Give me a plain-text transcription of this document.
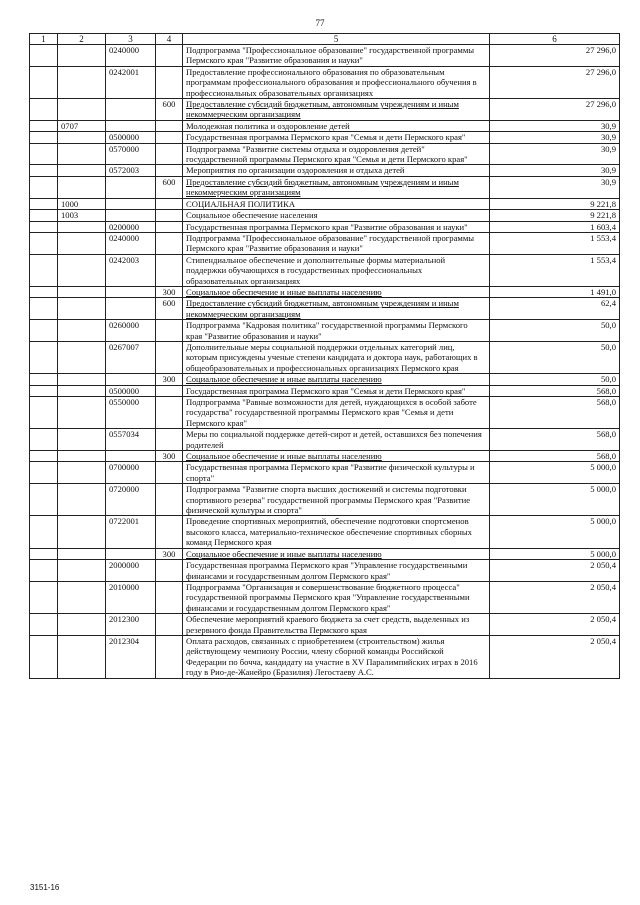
77
1	2	3	4	5	6
		0240000		Подпрограмма "Профессиональное образование" государственной программы Пермского края "Развитие образования и науки"	27 296,0
		0242001		Предоставление профессионального образования по образовательным программам профессионального образования и профессионального обучения в профессиональных образовательных организациях	27 296,0
			600	Предоставление субсидий бюджетным, автономным учреждениям и иным некоммерческим организациям	27 296,0
	0707			Молодежная политика и оздоровление детей	30,9
		0500000		Государственная программа Пермского края "Семья и дети Пермского края"	30,9
		0570000		Подпрограмма "Развитие системы отдыха и оздоровления детей" государственной программы Пермского края "Семья и дети Пермского края"	30,9
		0572003		Мероприятия по организации оздоровления и отдыха детей	30,9
			600	Предоставление субсидий бюджетным, автономным учреждениям и иным некоммерческим организациям	30,9
	1000			СОЦИАЛЬНАЯ ПОЛИТИКА	9 221,8
	1003			Социальное обеспечение населения	9 221,8
		0200000		Государственная программа Пермского края "Развитие образования и науки"	1 603,4
		0240000		Подпрограмма "Профессиональное образование" государственной программы Пермского края "Развитие образования и науки"	1 553,4
		0242003		Стипендиальное обеспечение и дополнительные формы материальной поддержки обучающихся в государственных профессиональных образовательных организациях	1 553,4
			300	Социальное обеспечение и иные выплаты населению	1 491,0
			600	Предоставление субсидий бюджетным, автономным учреждениям и иным некоммерческим организациям	62,4
		0260000		Подпрограмма "Кадровая политика" государственной программы Пермского края "Развитие образования и науки"	50,0
		0267007		Дополнительные меры социальной поддержки отдельных категорий лиц, которым присуждены ученые степени кандидата и доктора наук, работающих в общеобразовательных и профессиональных организациях Пермского края	50,0
			300	Социальное обеспечение и иные выплаты населению	50,0
		0500000		Государственная программа Пермского края "Семья и дети Пермского края"	568,0
		0550000		Подпрограмма "Равные возможности для детей, нуждающихся в особой заботе государства" государственной программы Пермского края "Семья и дети Пермского края"	568,0
		0557034		Меры по социальной поддержке детей-сирот и детей, оставшихся без попечения родителей	568,0
			300	Социальное обеспечение и иные выплаты населению	568,0
		0700000		Государственная программа Пермского края "Развитие физической культуры и спорта"	5 000,0
		0720000		Подпрограмма "Развитие спорта высших достижений и системы подготовки спортивного резерва" государственной программы Пермского края "Развитие физической культуры и спорта"	5 000,0
		0722001		Проведение спортивных мероприятий, обеспечение подготовки спортсменов высокого класса, материально-техническое обеспечение спортивных сборных команд Пермского края	5 000,0
			300	Социальное обеспечение и иные выплаты населению	5 000,0
		2000000		Государственная программа Пермского края "Управление государственными финансами и государственным долгом Пермского края"	2 050,4
		2010000		Подпрограмма "Организация и совершенствование бюджетного процесса" государственной программы Пермского края "Управление государственными финансами и государственным долгом Пермского края"	2 050,4
		2012300		Обеспечение мероприятий краевого бюджета за счет средств, выделенных из резервного фонда Правительства Пермского края	2 050,4
		2012304		Оплата расходов, связанных с приобретением (строительством) жилья действующему чемпиону России, члену сборной команды Российской Федерации по бочча, кандидату на участие в XV Паралимпийских играх в 2016 году в Рио-де-Жанейро (Бразилия) Легостаеву А.С.	2 050,4
3151-16
